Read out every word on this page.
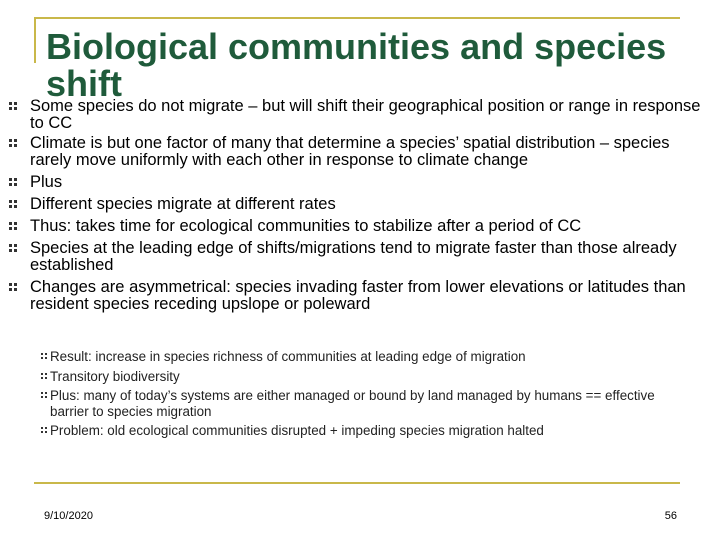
Biological communities and species shift
Some species do not migrate – but will shift their geographical position or range in response to CC
Climate is but one factor of many that determine a species’ spatial distribution – species rarely move uniformly with each other in response to climate change
Plus
Different species migrate at different rates
Thus: takes time for ecological communities to stabilize after a period of CC
Species at the leading edge of shifts/migrations tend to migrate faster than those already established
Changes are asymmetrical: species invading faster from lower elevations or latitudes than resident species receding upslope or poleward
Result: increase in species richness of communities at leading edge of migration
Transitory biodiversity
Plus: many of today’s systems are either managed or bound by land managed by humans == effective barrier to species migration
Problem: old ecological communities disrupted + impeding species migration halted
9/10/2020	56
